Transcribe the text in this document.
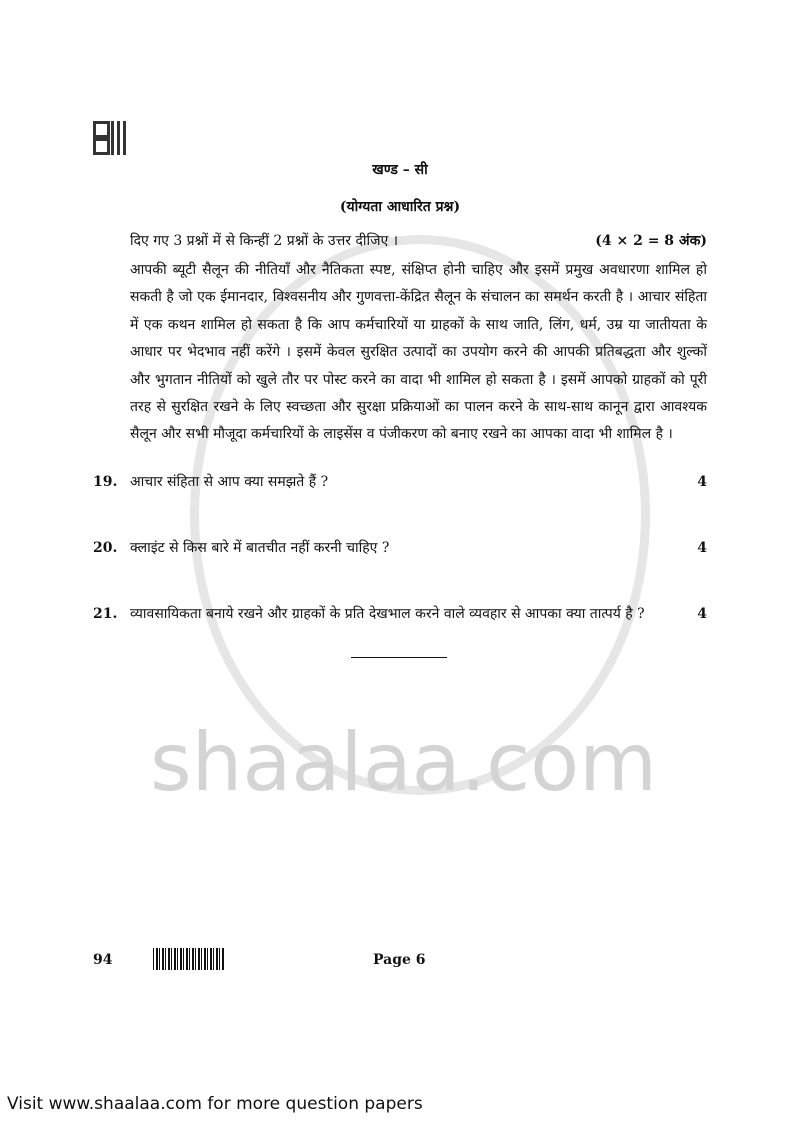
shaalaa.com
खण्ड – सी
(योग्यता आधारित प्रश्न)
दिए गए 3 प्रश्नों में से किन्हीं 2 प्रश्नों के उत्तर दीजिए ।	(4 × 2 = 8 अंक)
आपकी ब्यूटी सैलून की नीतियाँ और नैतिकता स्पष्ट, संक्षिप्त होनी चाहिए और इसमें प्रमुख अवधारणा शामिल हो सकती है जो एक ईमानदार, विश्वसनीय और गुणवत्ता-केंद्रित सैलून के संचालन का समर्थन करती है । आचार संहिता में एक कथन शामिल हो सकता है कि आप कर्मचारियों या ग्राहकों के साथ जाति, लिंग, धर्म, उम्र या जातीयता के आधार पर भेदभाव नहीं करेंगे । इसमें केवल सुरक्षित उत्पादों का उपयोग करने की आपकी प्रतिबद्धता और शुल्कों और भुगतान नीतियों को खुले तौर पर पोस्ट करने का वादा भी शामिल हो सकता है । इसमें आपको ग्राहकों को पूरी तरह से सुरक्षित रखने के लिए स्वच्छता और सुरक्षा प्रक्रियाओं का पालन करने के साथ-साथ कानून द्वारा आवश्यक सैलून और सभी मौजूदा कर्मचारियों के लाइसेंस व पंजीकरण को बनाए रखने का आपका वादा भी शामिल है ।
19. आचार संहिता से आप क्या समझते हैं ?	4
20. क्लाइंट से किस बारे में बातचीत नहीं करनी चाहिए ?	4
21. व्यावसायिकता बनाये रखने और ग्राहकों के प्रति देखभाल करने वाले व्यवहार से आपका क्या तात्पर्य है ?	4
94	Page 6
Visit www.shaalaa.com for more question papers
